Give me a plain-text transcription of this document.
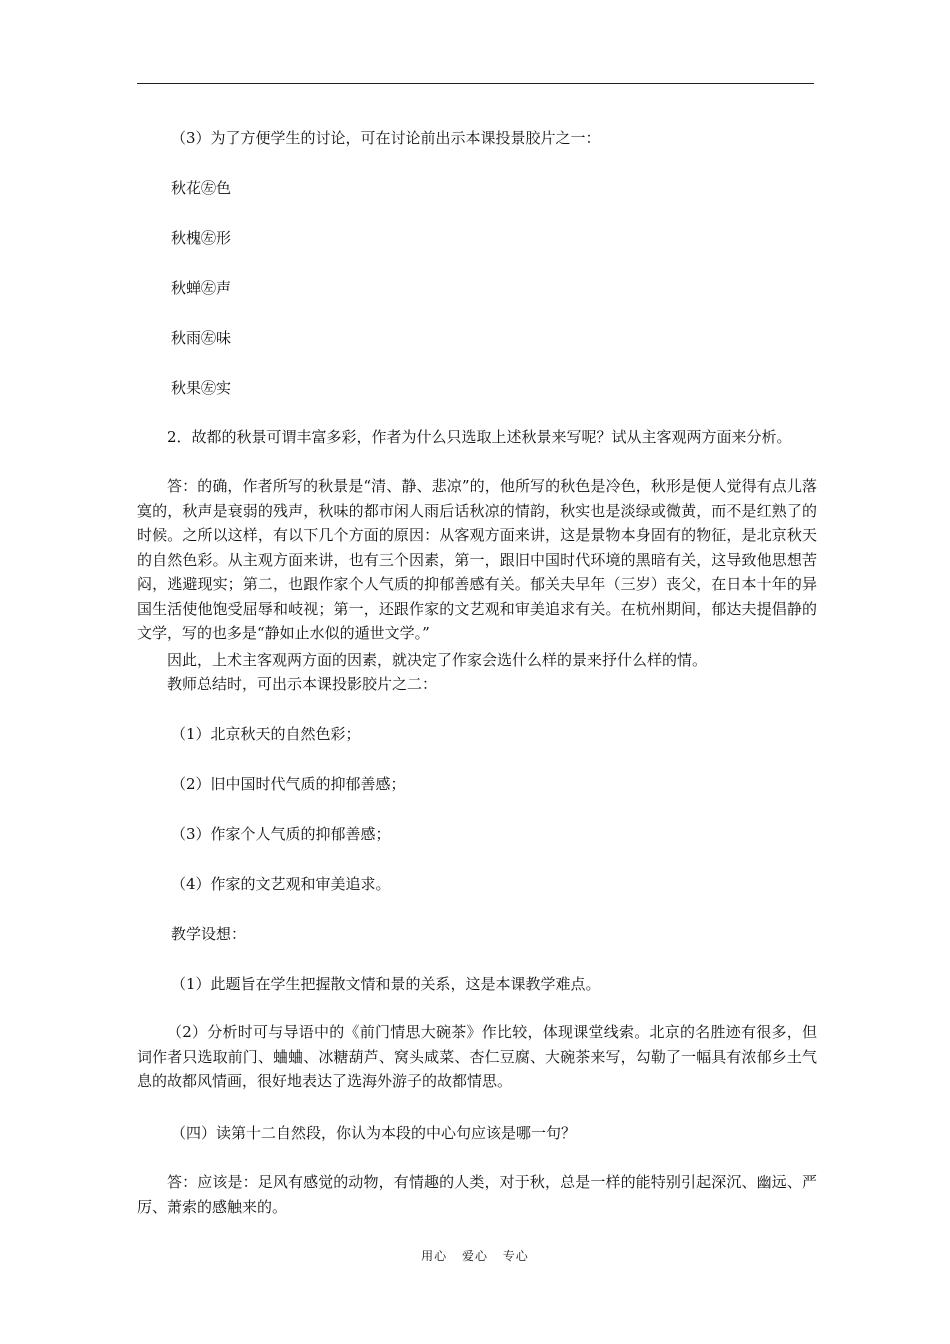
（3）为了方便学生的讨论，可在讨论前出示本课投景胶片之一：
秋花㊧色
秋槐㊧形
秋蝉㊧声
秋雨㊧味
秋果㊧实
2．故都的秋景可谓丰富多彩，作者为什么只选取上述秋景来写呢？试从主客观两方面来分析。
答：的确，作者所写的秋景是“清、静、悲凉”的，他所写的秋色是冷色，秋形是便人觉得有点儿落寞的，秋声是衰弱的残声，秋味的都市闲人雨后话秋凉的情韵，秋实也是淡绿或微黄，而不是红熟了的时候。之所以这样，有以下几个方面的原因：从客观方面来讲，这是景物本身固有的物征，是北京秋天的自然色彩。从主观方面来讲，也有三个因素，第一，跟旧中国时代环境的黑暗有关，这导致他思想苦闷，逃避现实；第二，也跟作家个人气质的抑郁善感有关。郁关夫早年（三岁）丧父，在日本十年的异国生活使他饱受屈辱和岐视；第一，还跟作家的文艺观和审美追求有关。在杭州期间，郁达夫提倡静的文学，写的也多是“静如止水似的遁世文学。”
因此，上术主客观两方面的因素，就决定了作家会选什么样的景来抒什么样的情。
教师总结时，可出示本课投影胶片之二：
（1）北京秋天的自然色彩；
（2）旧中国时代气质的抑郁善感；
（3）作家个人气质的抑郁善感；
（4）作家的文艺观和审美追求。
教学设想：
（1）此题旨在学生把握散文情和景的关系，这是本课教学难点。
（2）分析时可与导语中的《前门情思大碗茶》作比较，体现课堂线索。北京的名胜迹有很多，但词作者只选取前门、蛐蛐、冰糖葫芦、窝头咸菜、杏仁豆腐、大碗茶来写，勾勒了一幅具有浓郁乡土气息的故都风情画，很好地表达了选海外游子的故都情思。
（四）读第十二自然段，你认为本段的中心句应该是哪一句？
答：应该是：足风有感觉的动物，有情趣的人类，对于秋，总是一样的能特别引起深沉、幽远、严厉、萧索的感触来的。
用心 爱心 专心
